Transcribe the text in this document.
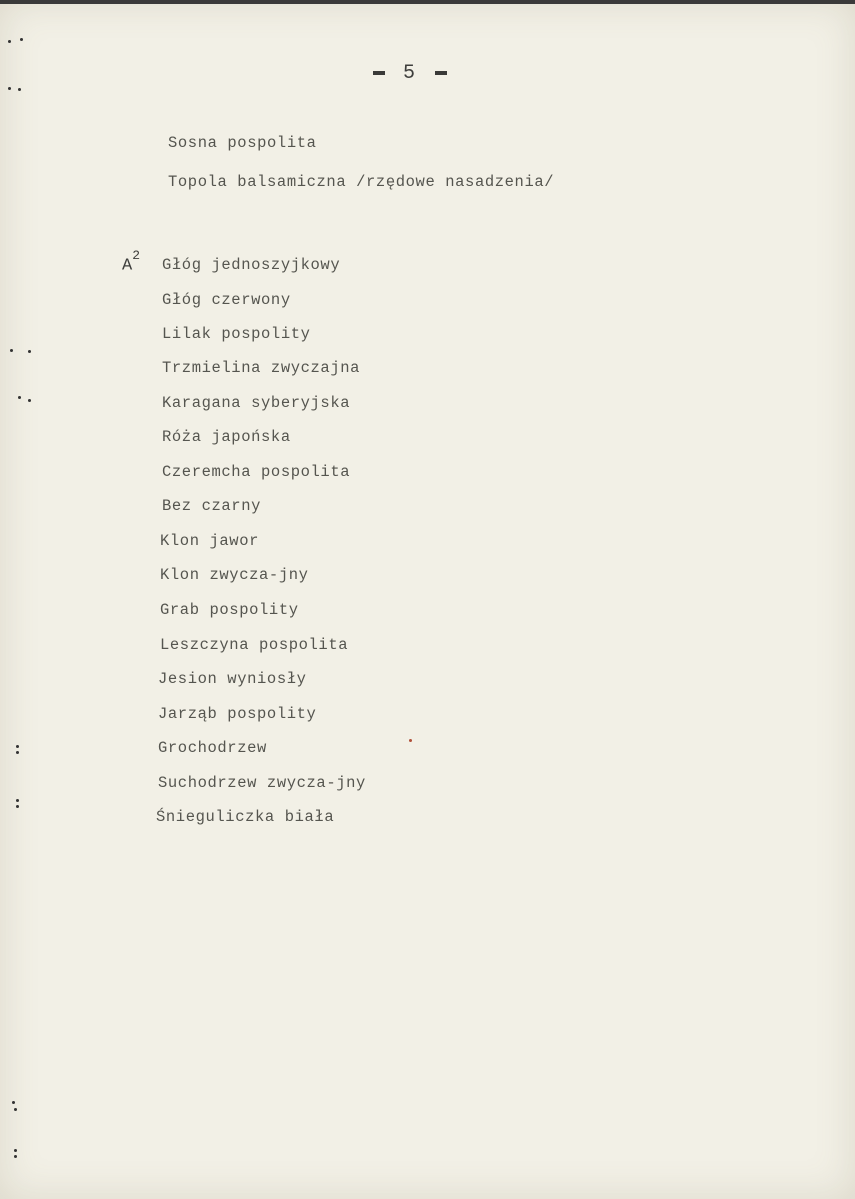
5
Sosna pospolita
Topola balsamiczna /rzędowe nasadzenia/
$A^2$
Głóg jednoszyjkowy
Głóg czerwony
Lilak pospolity
Trzmielina zwyczajna
Karagana syberyjska
Róża japońska
Czeremcha pospolita
Bez czarny
Klon jawor
Klon zwycza-jny
Grab pospolity
Leszczyna pospolita
Jesion wyniosły
Jarząb pospolity
Grochodrzew
Suchodrzew zwycza-jny
Śnieguliczka biała
